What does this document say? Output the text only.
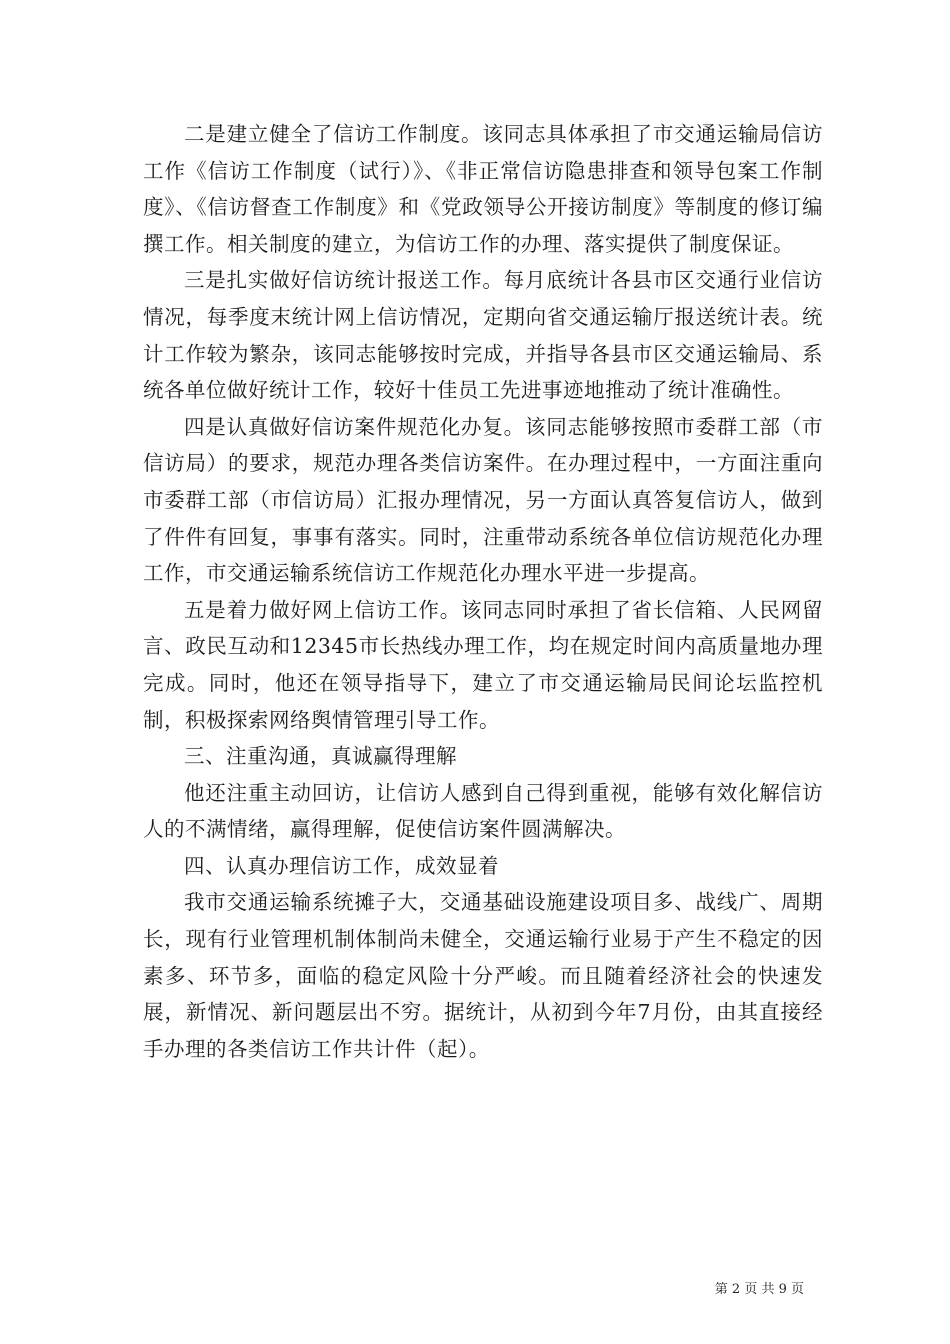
二是建立健全了信访工作制度。该同志具体承担了市交通运输局信访工作《信访工作制度（试行）》、《非正常信访隐患排查和领导包案工作制度》、《信访督查工作制度》和《党政领导公开接访制度》等制度的修订编撰工作。相关制度的建立，为信访工作的办理、落实提供了制度保证。

三是扎实做好信访统计报送工作。每月底统计各县市区交通行业信访情况，每季度末统计网上信访情况，定期向省交通运输厅报送统计表。统计工作较为繁杂，该同志能够按时完成，并指导各县市区交通运输局、系统各单位做好统计工作，较好十佳员工先进事迹地推动了统计准确性。

四是认真做好信访案件规范化办复。该同志能够按照市委群工部（市信访局）的要求，规范办理各类信访案件。在办理过程中，一方面注重向市委群工部（市信访局）汇报办理情况，另一方面认真答复信访人，做到了件件有回复，事事有落实。同时，注重带动系统各单位信访规范化办理工作，市交通运输系统信访工作规范化办理水平进一步提高。

五是着力做好网上信访工作。该同志同时承担了省长信箱、人民网留言、政民互动和12345市长热线办理工作，均在规定时间内高质量地办理完成。同时，他还在领导指导下，建立了市交通运输局民间论坛监控机制，积极探索网络舆情管理引导工作。

三、注重沟通，真诚赢得理解

他还注重主动回访，让信访人感到自己得到重视，能够有效化解信访人的不满情绪，赢得理解，促使信访案件圆满解决。

四、认真办理信访工作，成效显着

我市交通运输系统摊子大，交通基础设施建设项目多、战线广、周期长，现有行业管理机制体制尚未健全，交通运输行业易于产生不稳定的因素多、环节多，面临的稳定风险十分严峻。而且随着经济社会的快速发展，新情况、新问题层出不穷。据统计，从初到今年7月份，由其直接经手办理的各类信访工作共计件（起）。

第 2 页 共 9 页
